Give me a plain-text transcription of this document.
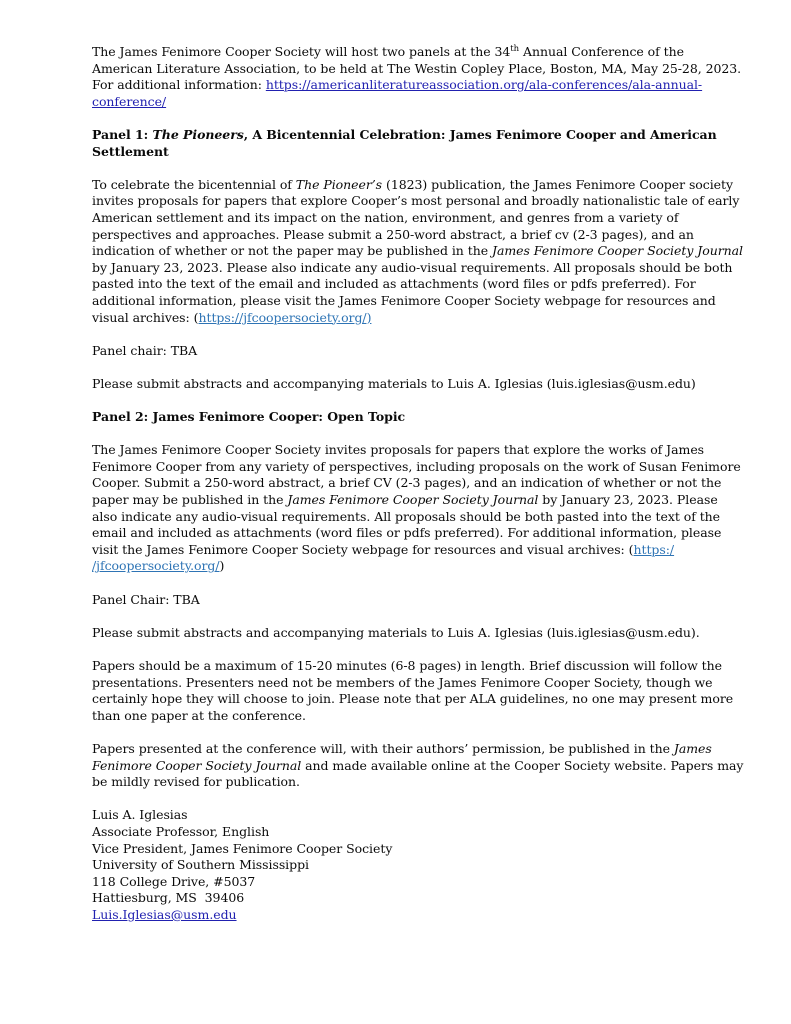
The James Fenimore Cooper Society will host two panels at the 34th Annual Conference of the American Literature Association, to be held at The Westin Copley Place, Boston, MA, May 25-28, 2023. For additional information: https://americanliteratureassociation.org/ala-conferences/ala-annual-conference/

Panel 1: The Pioneers, A Bicentennial Celebration: James Fenimore Cooper and American Settlement

To celebrate the bicentennial of The Pioneer’s (1823) publication, the James Fenimore Cooper society invites proposals for papers that explore Cooper’s most personal and broadly nationalistic tale of early American settlement and its impact on the nation, environment, and genres from a variety of perspectives and approaches. Please submit a 250-word abstract, a brief cv (2-3 pages), and an indication of whether or not the paper may be published in the James Fenimore Cooper Society Journal by January 23, 2023. Please also indicate any audio-visual requirements. All proposals should be both pasted into the text of the email and included as attachments (word files or pdfs preferred). For additional information, please visit the James Fenimore Cooper Society webpage for resources and visual archives: (https://jfcoopersociety.org/)

Panel chair: TBA

Please submit abstracts and accompanying materials to Luis A. Iglesias (luis.iglesias@usm.edu)

Panel 2: James Fenimore Cooper: Open Topic

The James Fenimore Cooper Society invites proposals for papers that explore the works of James Fenimore Cooper from any variety of perspectives, including proposals on the work of Susan Fenimore Cooper. Submit a 250-word abstract, a brief CV (2-3 pages), and an indication of whether or not the paper may be published in the James Fenimore Cooper Society Journal by January 23, 2023. Please also indicate any audio-visual requirements. All proposals should be both pasted into the text of the email and included as attachments (word files or pdfs preferred). For additional information, please visit the James Fenimore Cooper Society webpage for resources and visual archives: (https:/ /jfcoopersociety.org/)

Panel Chair: TBA

Please submit abstracts and accompanying materials to Luis A. Iglesias (luis.iglesias@usm.edu).

Papers should be a maximum of 15-20 minutes (6-8 pages) in length. Brief discussion will follow the presentations. Presenters need not be members of the James Fenimore Cooper Society, though we certainly hope they will choose to join. Please note that per ALA guidelines, no one may present more than one paper at the conference.

Papers presented at the conference will, with their authors’ permission, be published in the James Fenimore Cooper Society Journal and made available online at the Cooper Society website. Papers may be mildly revised for publication.

Luis A. Iglesias

Associate Professor, English

Vice President, James Fenimore Cooper Society

University of Southern Mississippi

118 College Drive, #5037

Hattiesburg, MS  39406

Luis.Iglesias@usm.edu
